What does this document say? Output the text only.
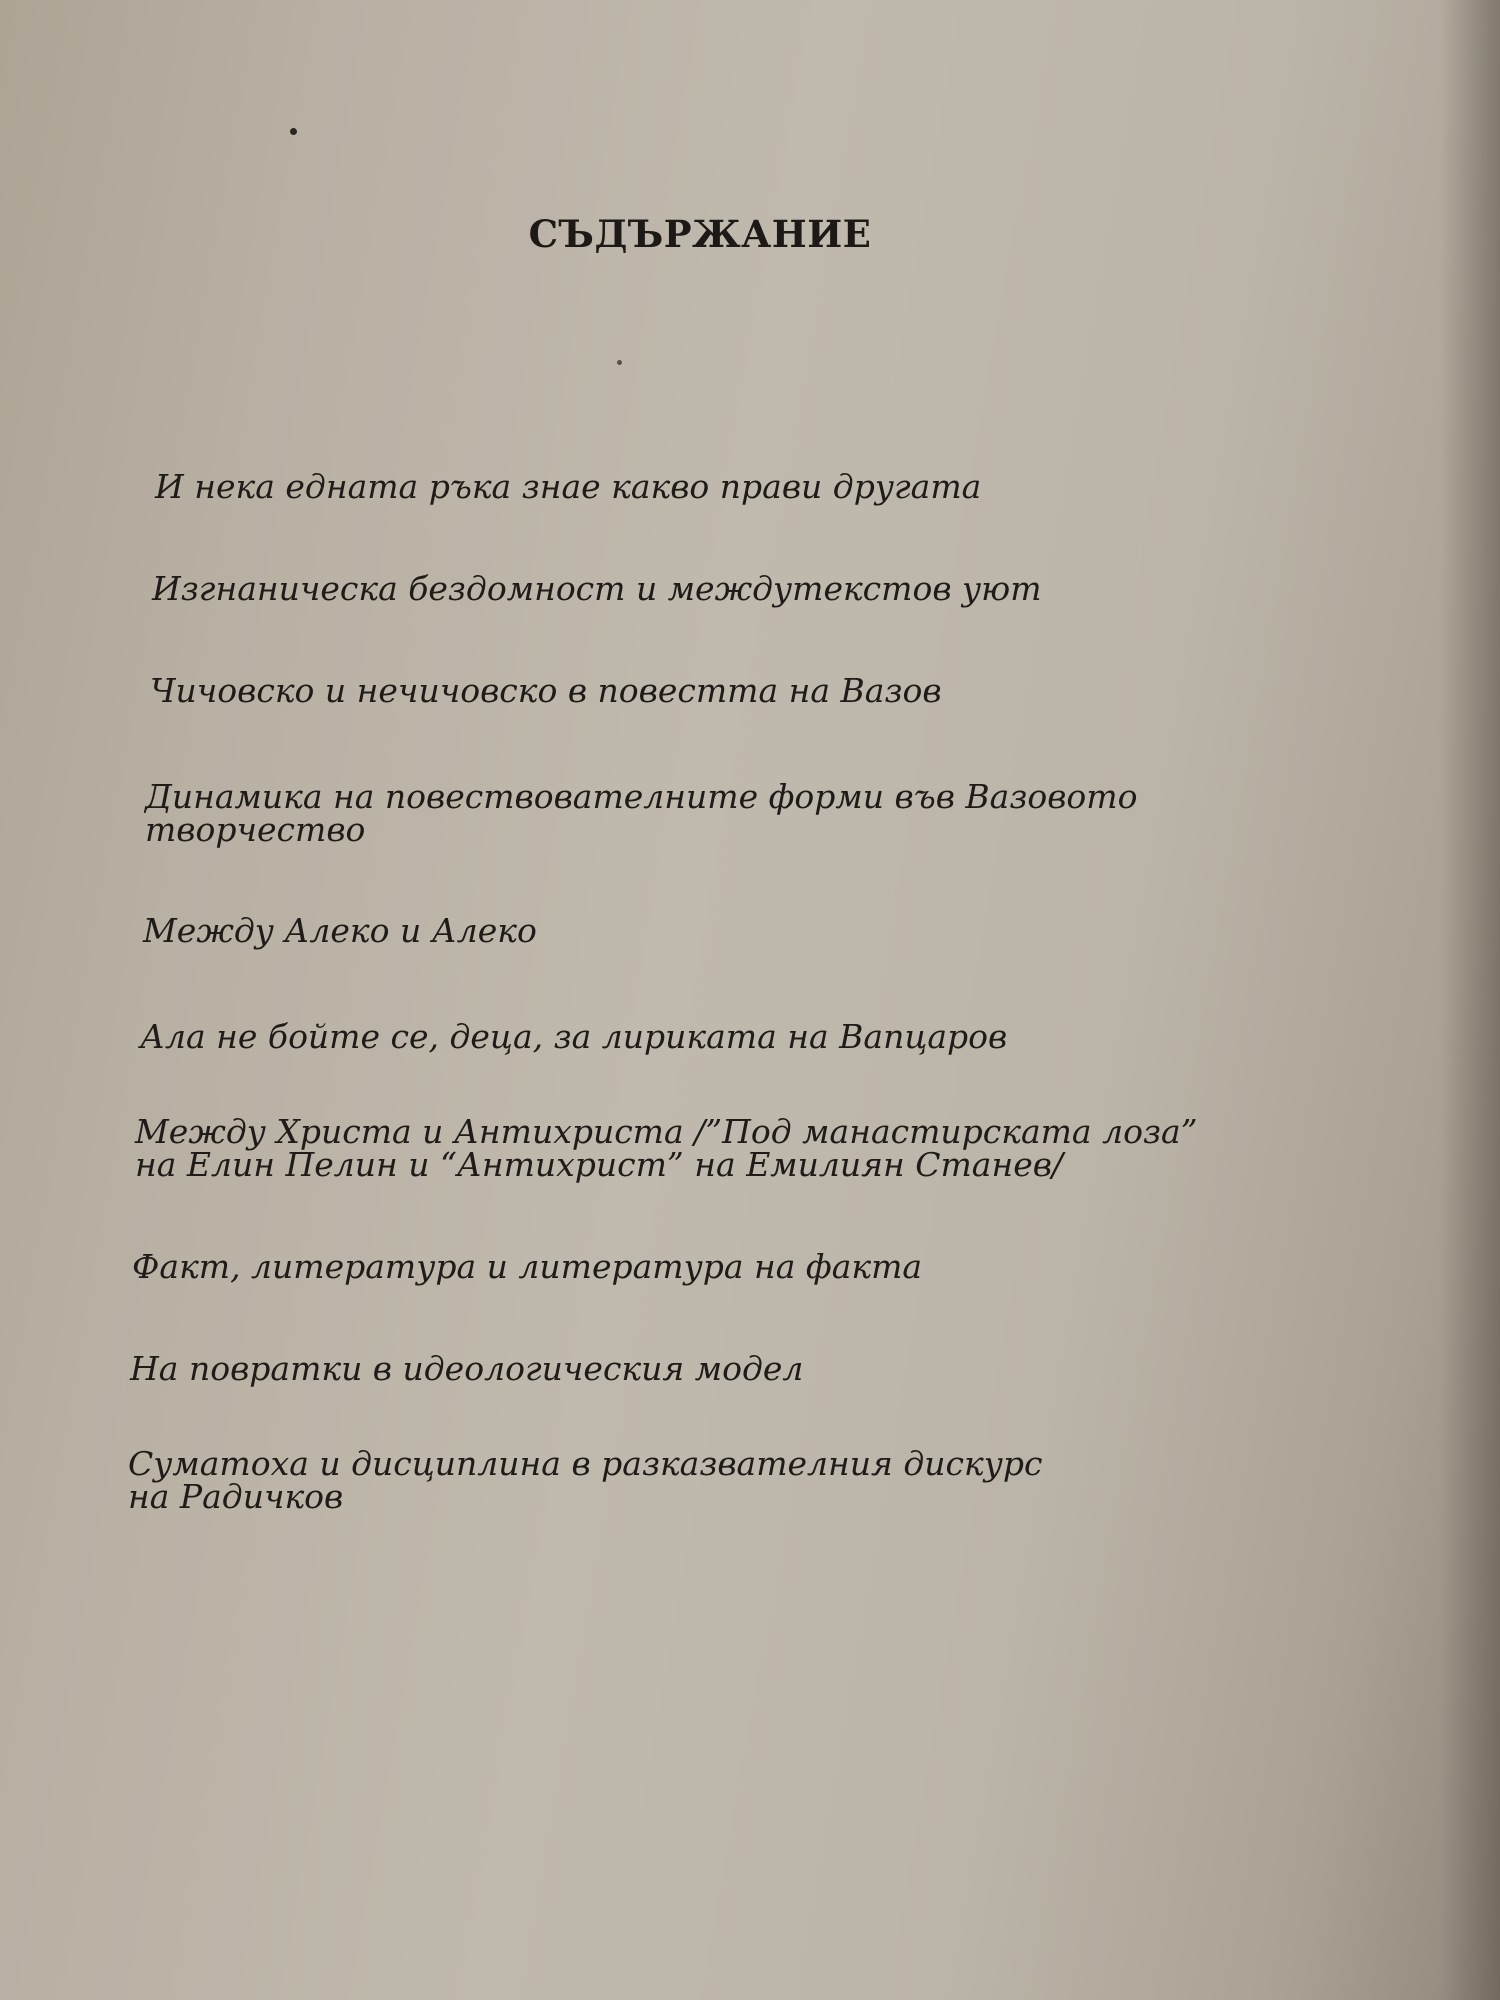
СЪДЪРЖАНИЕ

И нека едната ръка знае какво прави другата

Изгнаническа бездомност и междутекстов уют

Чичовско и нечичовско в повестта на Вазов

Динамика на повествователните форми във Вазовото
творчество

Между Алеко и Алеко

Ала не бойте се, деца, за лириката на Вапцаров

Между Христа и Антихриста /”Под манастирската лоза”
на Елин Пелин и “Антихрист” на Емилиян Станев/

Факт, литература и литература на факта

На повратки в идеологическия модел

Суматоха и дисциплина в разказвателния дискурс
на Радичков
